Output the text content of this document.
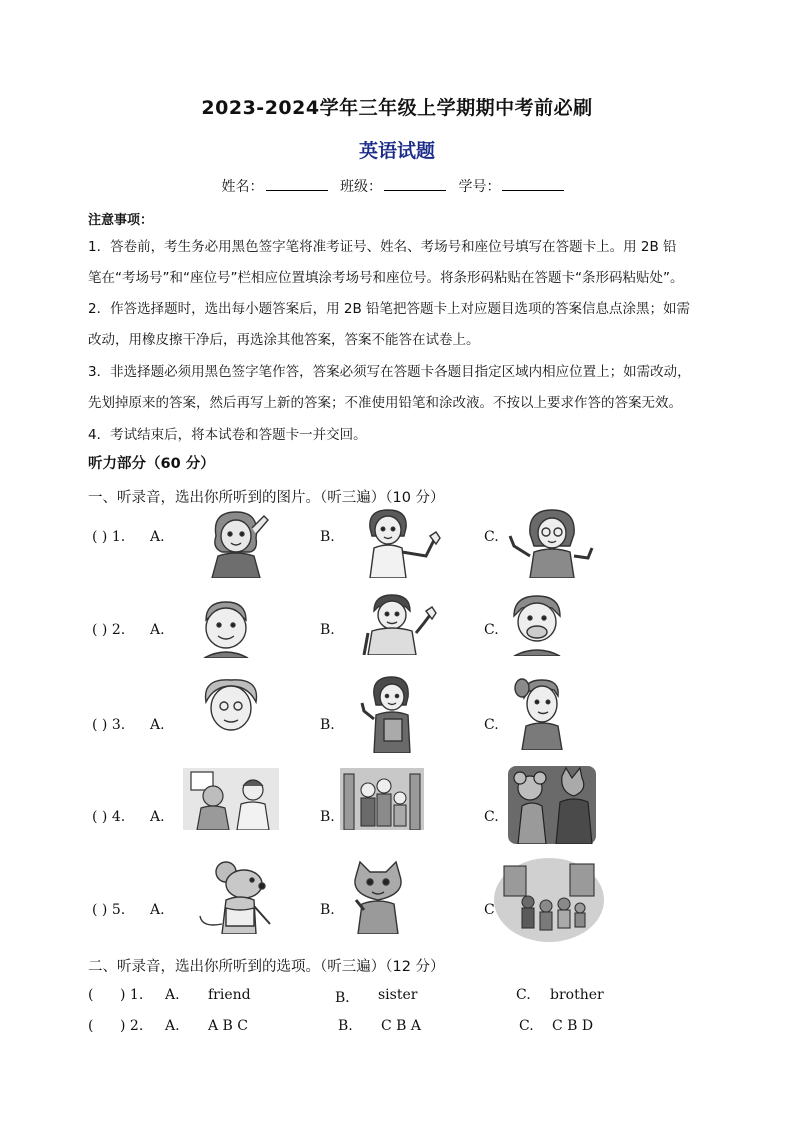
2023-2024学年三年级上学期期中考前必刷
英语试题
姓名：	班级：	学号：
注意事项：
1．答卷前，考生务必用黑色签字笔将准考证号、姓名、考场号和座位号填写在答题卡上。用 2B 铅
笔在“考场号”和“座位号”栏相应位置填涂考场号和座位号。将条形码粘贴在答题卡“条形码粘贴处”。
2．作答选择题时，选出每小题答案后，用 2B 铅笔把答题卡上对应题目选项的答案信息点涂黑；如需
改动，用橡皮擦干净后，再选涂其他答案，答案不能答在试卷上。
3．非选择题必须用黑色签字笔作答，答案必须写在答题卡各题目指定区域内相应位置上；如需改动，
先划掉原来的答案，然后再写上新的答案；不准使用铅笔和涂改液。不按以上要求作答的答案无效。
4．考试结束后，将本试卷和答题卡一并交回。
听力部分（60 分）
一、听录音，选出你所听到的图片。（听三遍）（10 分）
( ) 1. A.	B.	C.
( ) 2. A.	B.	C.
( ) 3. A.	B.	C.
( ) 4. A.	B.	C.
( ) 5. A.	B.	C
二、听录音，选出你所听到的选项。（听三遍）（12 分）
( ) 1. A. friend	B． sister	C. brother
( ) 2. A. A B C	B. C B A	C. C B D
